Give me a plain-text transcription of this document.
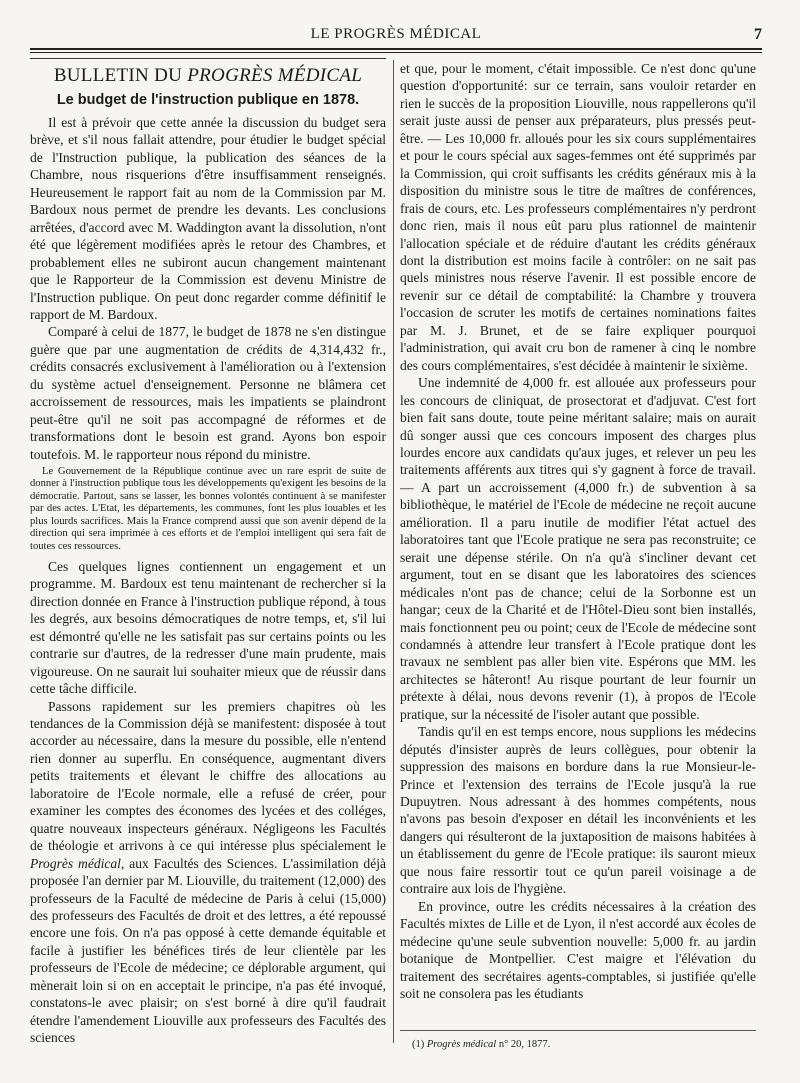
LE PROGRÈS MÉDICAL	7
BULLETIN DU PROGRÈS MÉDICAL
Le budget de l'instruction publique en 1878.

Il est à prévoir que cette année la discussion du budget sera brève, et s'il nous fallait attendre, pour étudier le budget spécial de l'Instruction publique, la publication des séances de la Chambre, nous risquerions d'être insuffisamment renseignés. Heureusement le rapport fait au nom de la Commission par M. Bardoux nous permet de prendre les devants. Les conclusions arrêtées, d'accord avec M. Waddington avant la dissolution, n'ont été que légèrement modifiées après le retour des Chambres, et probablement elles ne subiront aucun changement maintenant que le Rapporteur de la Commission est devenu Ministre de l'Instruction publique. On peut donc regarder comme définitif le rapport de M. Bardoux.

Comparé à celui de 1877, le budget de 1878 ne s'en distingue guère que par une augmentation de crédits de 4,314,432 fr., crédits consacrés exclusivement à l'amélioration ou à l'extension du système actuel d'enseignement. Personne ne blâmera cet accroissement de ressources, mais les impatients se plaindront peut-être qu'il ne soit pas accompagné de réformes et de transformations dont le besoin est grand. Ayons bon espoir toutefois. M. le rapporteur nous répond du ministre.

Le Gouvernement de la République continue avec un rare esprit de suite de donner à l'instruction publique tous les développements qu'exigent les besoins de la démocratie. Partout, sans se lasser, les bonnes volontés continuent à se manifester par des actes. L'Etat, les départements, les communes, font les plus louables et les plus lourds sacrifices. Mais la France comprend aussi que son avenir dépend de la direction qui sera imprimée à ces efforts et de l'emploi intelligent qui sera fait de toutes ces ressources.

Ces quelques lignes contiennent un engagement et un programme. M. Bardoux est tenu maintenant de rechercher si la direction donnée en France à l'instruction publique répond, à tous les degrés, aux besoins démocratiques de notre temps, et, s'il lui est démontré qu'elle ne les satisfait pas sur certains points ou les contrarie sur d'autres, de la redresser d'une main prudente, mais vigoureuse. On ne saurait lui souhaiter mieux que de réussir dans cette tâche difficile.

Passons rapidement sur les premiers chapitres où les tendances de la Commission déjà se manifestent: disposée à tout accorder au nécessaire, dans la mesure du possible, elle n'entend rien donner au superflu. En conséquence, augmentant divers petits traitements et élevant le chiffre des allocations au laboratoire de l'Ecole normale, elle a refusé de créer, pour examiner les comptes des économes des lycées et des colléges, quatre nouveaux inspecteurs généraux. Négligeons les Facultés de théologie et arrivons à ce qui intéresse plus spécialement le Progrès médical, aux Facultés des Sciences. L'assimilation déjà proposée l'an dernier par M. Liouville, du traitement (12,000) des professeurs de la Faculté de médecine de Paris à celui (15,000) des professeurs des Facultés de droit et des lettres, a été repoussé encore une fois. On n'a pas opposé à cette demande équitable et facile à justifier les bénéfices tirés de leur clientèle par les professeurs de l'Ecole de médecine; ce déplorable argument, qui mènerait loin si on en acceptait le principe, n'a pas été invoqué, constatons-le avec plaisir; on s'est borné à dire qu'il faudrait étendre l'amendement Liouville aux professeurs des Facultés des sciences

et que, pour le moment, c'était impossible. Ce n'est donc qu'une question d'opportunité: sur ce terrain, sans vouloir retarder en rien le succès de la proposition Liouville, nous rappellerons qu'il serait juste aussi de penser aux préparateurs, plus pressés peut-être. — Les 10,000 fr. alloués pour les six cours supplémentaires et pour le cours spécial aux sages-femmes ont été supprimés par la Commission, qui croit suffisants les crédits généraux mis à la disposition du ministre sous le titre de maîtres de conférences, frais de cours, etc. Les professeurs complémentaires n'y perdront donc rien, mais il nous eût paru plus rationnel de maintenir l'allocation spéciale et de réduire d'autant les crédits généraux dont la distribution est moins facile à contrôler: on ne sait pas quels ministres nous réserve l'avenir. Il est possible encore de revenir sur ce détail de comptabilité: la Chambre y trouvera l'occasion de scruter les motifs de certaines nominations faites par M. J. Brunet, et de se faire expliquer pourquoi l'administration, qui avait cru bon de ramener à cinq le nombre des cours complémentaires, s'est décidée à maintenir le sixième.

Une indemnité de 4,000 fr. est allouée aux professeurs pour les concours de cliniquat, de prosectorat et d'adjuvat. C'est fort bien fait sans doute, toute peine méritant salaire; mais on aurait dû songer aussi que ces concours imposent des charges plus lourdes encore aux candidats qu'aux juges, et relever un peu les traitements afférents aux titres qui s'y gagnent à force de travail. — A part un accroissement (4,000 fr.) de subvention à sa bibliothèque, le matériel de l'Ecole de médecine ne reçoit aucune amélioration. Il a paru inutile de modifier l'état actuel des laboratoires tant que l'Ecole pratique ne sera pas reconstruite; ce serait une dépense stérile. On n'a qu'à s'incliner devant cet argument, tout en se disant que les laboratoires des sciences médicales n'ont pas de chance; celui de la Sorbonne est un hangar; ceux de la Charité et de l'Hôtel-Dieu sont bien installés, mais fonctionnent peu ou point; ceux de l'Ecole de médecine sont condamnés à attendre leur transfert à l'Ecole pratique dont les travaux ne semblent pas aller bien vite. Espérons que MM. les architectes se hâteront! Au risque pourtant de leur fournir un prétexte à délai, nous devons revenir (1), à propos de l'Ecole pratique, sur la nécessité de l'isoler autant que possible.

Tandis qu'il en est temps encore, nous supplions les médecins députés d'insister auprès de leurs collègues, pour obtenir la suppression des maisons en bordure dans la rue Monsieur-le-Prince et l'extension des terrains de l'Ecole jusqu'à la rue Dupuytren. Nous adressant à des hommes compétents, nous n'avons pas besoin d'exposer en détail les inconvénients et les dangers qui résulteront de la juxtaposition de maisons habitées à un établissement du genre de l'Ecole pratique: ils sauront mieux que nous faire ressortir tout ce qu'un pareil voisinage a de contraire aux lois de l'hygiène.

En province, outre les crédits nécessaires à la création des Facultés mixtes de Lille et de Lyon, il n'est accordé aux écoles de médecine qu'une seule subvention nouvelle: 5,000 fr. au jardin botanique de Montpellier. C'est maigre et l'élévation du traitement des secrétaires agents-comptables, si justifiée qu'elle soit ne consolera pas les étudiants

(1) Progrès médical n° 20, 1877.
